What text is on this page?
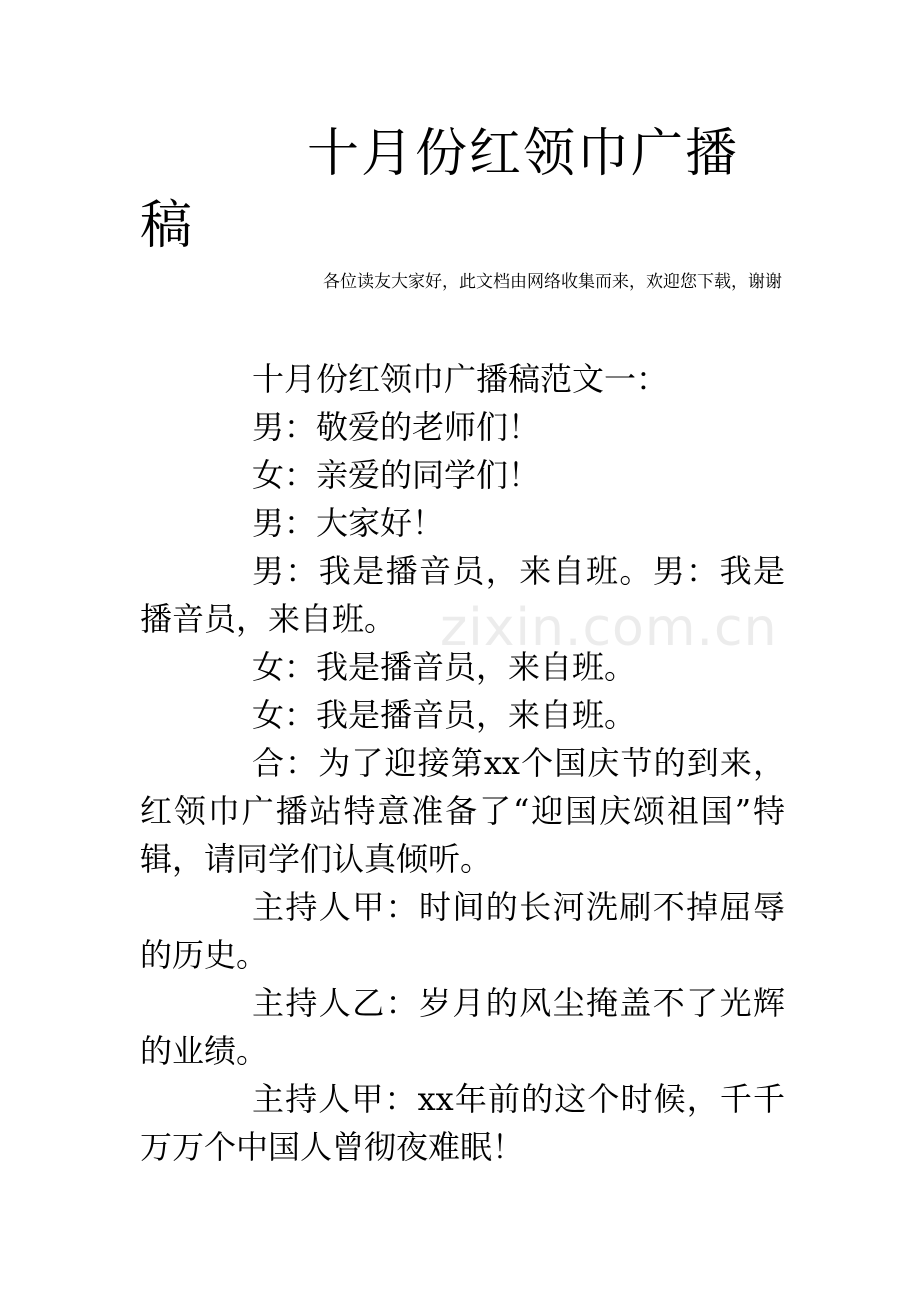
十月份红领巾广播稿

各位读友大家好，此文档由网络收集而来，欢迎您下载，谢谢

zixin.com.cn

十月份红领巾广播稿范文一：

男：敬爱的老师们！

女：亲爱的同学们！

男：大家好！

男：我是播音员，来自班。男：我是播音员，来自班。

女：我是播音员，来自班。

女：我是播音员，来自班。

合：为了迎接第xx个国庆节的到来，红领巾广播站特意准备了“迎国庆颂祖国”特辑，请同学们认真倾听。

主持人甲：时间的长河洗刷不掉屈辱的历史。

主持人乙：岁月的风尘掩盖不了光辉的业绩。

主持人甲：xx年前的这个时候，千千万万个中国人曾彻夜难眠！
